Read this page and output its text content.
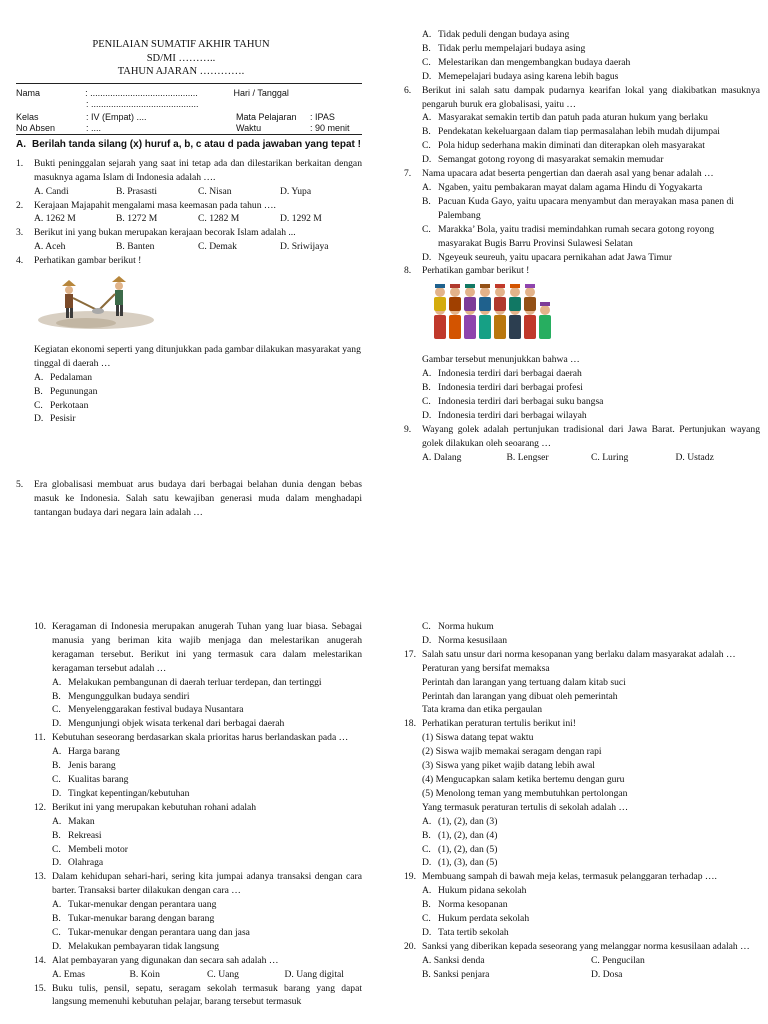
PENILAIAN SUMATIF AKHIR TAHUN
SD/MI ………..
TAHUN AJARAN ………….
Nama	: ...........................................	Hari / Tanggal
: ...........................................
Kelas	: IV (Empat) ....	Mata Pelajaran	: IPAS
No Absen	: ....	Waktu	: 90 menit
A. Berilah tanda silang (x) huruf a, b, c atau d pada jawaban yang tepat !
1.	Bukti peninggalan sejarah yang saat ini tetap ada dan dilestarikan berkaitan dengan masuknya agama Islam di Indonesia adalah ….
A. Candi	B. Prasasti	C. Nisan	D. Yupa
2.	Kerajaan Majapahit mengalami masa keemasan pada tahun ….
A. 1262 M	B. 1272 M	C. 1282 M	D. 1292 M
3.	Berikut ini yang bukan merupakan kerajaan becorak Islam adalah ...
A. Aceh	B. Banten	C. Demak	D. Sriwijaya
4.	Perhatikan gambar berikut !
Kegiatan ekonomi seperti yang ditunjukkan pada gambar dilakukan masyarakat yang tinggal di daerah …
A. Pedalaman
B. Pegunungan
C. Perkotaan
D. Pesisir
5.	Era globalisasi membuat arus budaya dari berbagai belahan dunia dengan bebas masuk ke Indonesia. Salah satu kewajiban generasi muda dalam menghadapi tantangan budaya dari negara lain adalah …
A. Tidak peduli dengan budaya asing
B. Tidak perlu mempelajari budaya asing
C. Melestarikan dan mengembangkan budaya daerah
D. Memepelajari budaya asing karena lebih bagus
6.	Berikut ini salah satu dampak pudarnya kearifan lokal yang diakibatkan masuknya pengaruh buruk era globalisasi, yaitu …
A. Masyarakat semakin tertib dan patuh pada aturan hukum yang berlaku
B. Pendekatan kekeluargaan dalam tiap permasalahan lebih mudah dijumpai
C. Pola hidup sederhana makin diminati dan diterapkan oleh masyarakat
D. Semangat gotong royong di masyarakat semakin memudar
7.	Nama upacara adat beserta pengertian dan daerah asal yang benar adalah …
A. Ngaben, yaitu pembakaran mayat dalam agama Hindu di Yogyakarta
B. Pacuan Kuda Gayo, yaitu upacara menyambut dan merayakan masa panen di Palembang
C. Marakka’ Bola, yaitu tradisi memindahkan rumah secara gotong royong masyarakat Bugis Barru Provinsi Sulawesi Selatan
D. Ngeyeuk seureuh, yaitu upacara pernikahan adat Jawa Timur
8.	Perhatikan gambar berikut !
Gambar tersebut menunjukkan bahwa …
A. Indonesia terdiri dari berbagai daerah
B. Indonesia terdiri dari berbagai profesi
C. Indonesia terdiri dari berbagai suku bangsa
D. Indonesia terdiri dari berbagai wilayah
9.	Wayang golek adalah pertunjukan tradisional dari Jawa Barat. Pertunjukan wayang golek dilakukan oleh seoarang …
A. Dalang	B. Lengser	C. Luring	D. Ustadz
10. Keragaman di Indonesia merupakan anugerah Tuhan yang luar biasa. Sebagai manusia yang beriman kita wajib menjaga dan melestarikan anugerah keragaman tersebut. Berikut ini yang termasuk cara dalam melestarikan keragaman tersebut adalah …
A. Melakukan pembangunan di daerah terluar terdepan, dan tertinggi
B. Mengunggulkan budaya sendiri
C. Menyelenggarakan festival budaya Nusantara
D. Mengunjungi objek wisata terkenal dari berbagai daerah
11. Kebutuhan seseorang berdasarkan skala prioritas harus berlandaskan pada …
A. Harga barang
B. Jenis barang
C. Kualitas barang
D. Tingkat kepentingan/kebutuhan
12. Berikut ini yang merupakan kebutuhan rohani adalah
A. Makan
B. Rekreasi
C. Membeli motor
D. Olahraga
13. Dalam kehidupan sehari-hari, sering kita jumpai adanya transaksi dengan cara barter. Transaksi barter dilakukan dengan cara …
A. Tukar-menukar dengan perantara uang
B. Tukar-menukar barang dengan barang
C. Tukar-menukar dengan perantara uang dan jasa
D. Melakukan pembayaran tidak langsung
14. Alat pembayaran yang digunakan dan secara sah adalah …
A. Emas	B. Koin	C. Uang	D. Uang digital
15. Buku tulis, pensil, sepatu, seragam sekolah termasuk barang yang dapat langsung memenuhi kebutuhan pelajar, barang tersebut termasuk
C. Norma hukum
D. Norma kesusilaan
17. Salah satu unsur dari norma kesopanan yang berlaku dalam masyarakat adalah …
Peraturan yang bersifat memaksa
Perintah dan larangan yang tertuang dalam kitab suci
Perintah dan larangan yang dibuat oleh pemerintah
Tata krama dan etika pergaulan
18. Perhatikan peraturan tertulis berikut ini!
(1) Siswa datang tepat waktu
(2) Siswa wajib memakai seragam dengan rapi
(3) Siswa yang piket wajib datang lebih awal
(4) Mengucapkan salam ketika bertemu dengan guru
(5) Menolong teman yang membutuhkan pertolongan
Yang termasuk peraturan tertulis di sekolah adalah …
A. (1), (2), dan (3)
B. (1), (2), dan (4)
C. (1), (2), dan (5)
D. (1), (3), dan (5)
19. Membuang sampah di bawah meja kelas, termasuk pelanggaran terhadap ….
A. Hukum pidana sekolah
B. Norma kesopanan
C. Hukum perdata sekolah
D. Tata tertib sekolah
20. Sanksi yang diberikan kepada seseorang yang melanggar norma kesusilaan adalah …
A. Sanksi denda	C. Pengucilan
B. Sanksi penjara	D. Dosa
